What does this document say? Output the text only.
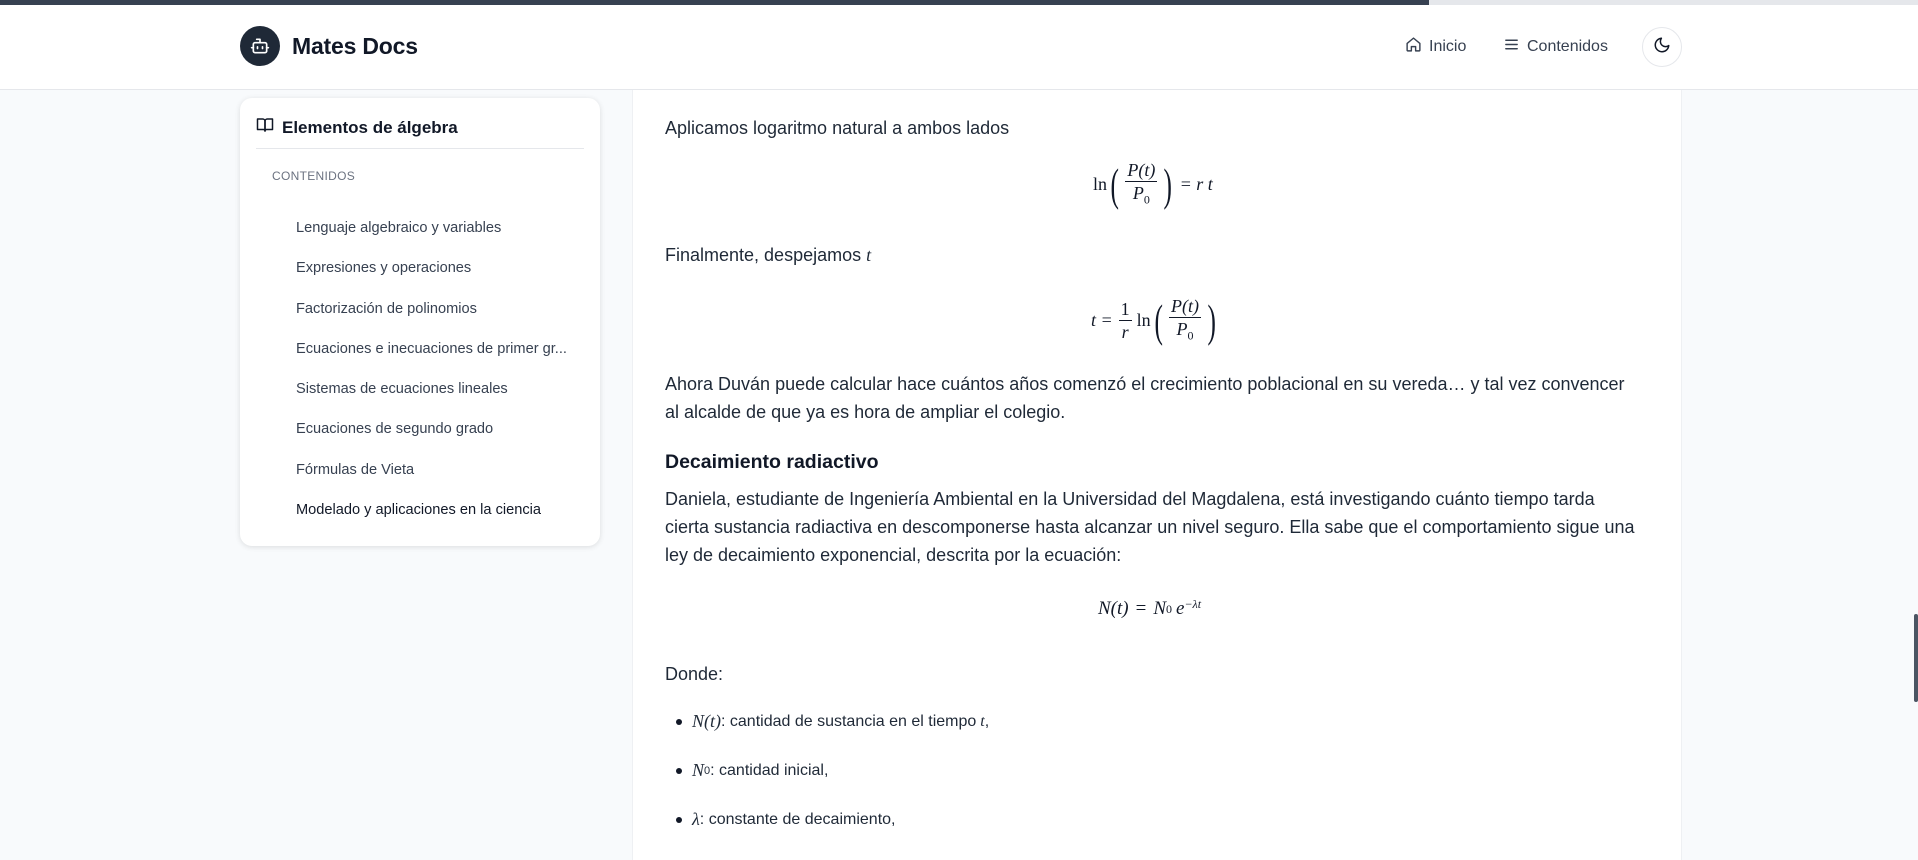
Mates Docs	Inicio	Contenidos
Elementos de álgebra
CONTENIDOS
Lenguaje algebraico y variables
Expresiones y operaciones
Factorización de polinomios
Ecuaciones e inecuaciones de primer gr...
Sistemas de ecuaciones lineales
Ecuaciones de segundo grado
Fórmulas de Vieta
Modelado y aplicaciones en la ciencia
Aplicamos logaritmo natural a ambos lados
ln ( $\frac{P(t)}{P_0}$ ) = r t
Finalmente, despejamos t
$t = \frac{1}{r}$ ln ( $\frac{P(t)}{P_0}$ )
Ahora Duván puede calcular hace cuántos años comenzó el crecimiento poblacional en su vereda… y tal vez convencer al alcalde de que ya es hora de ampliar el colegio.
Decaimiento radiactivo
Daniela, estudiante de Ingeniería Ambiental en la Universidad del Magdalena, está investigando cuánto tiempo tarda cierta sustancia radiactiva en descomponerse hasta alcanzar un nivel seguro. Ella sabe que el comportamiento sigue una ley de decaimiento exponencial, descrita por la ecuación:
N(t) = N 0 $e^{-\lambda t}$
Donde:
N(t) : cantidad de sustancia en el tiempo t ,
N 0 : cantidad inicial,
λ : constante de decaimiento,
